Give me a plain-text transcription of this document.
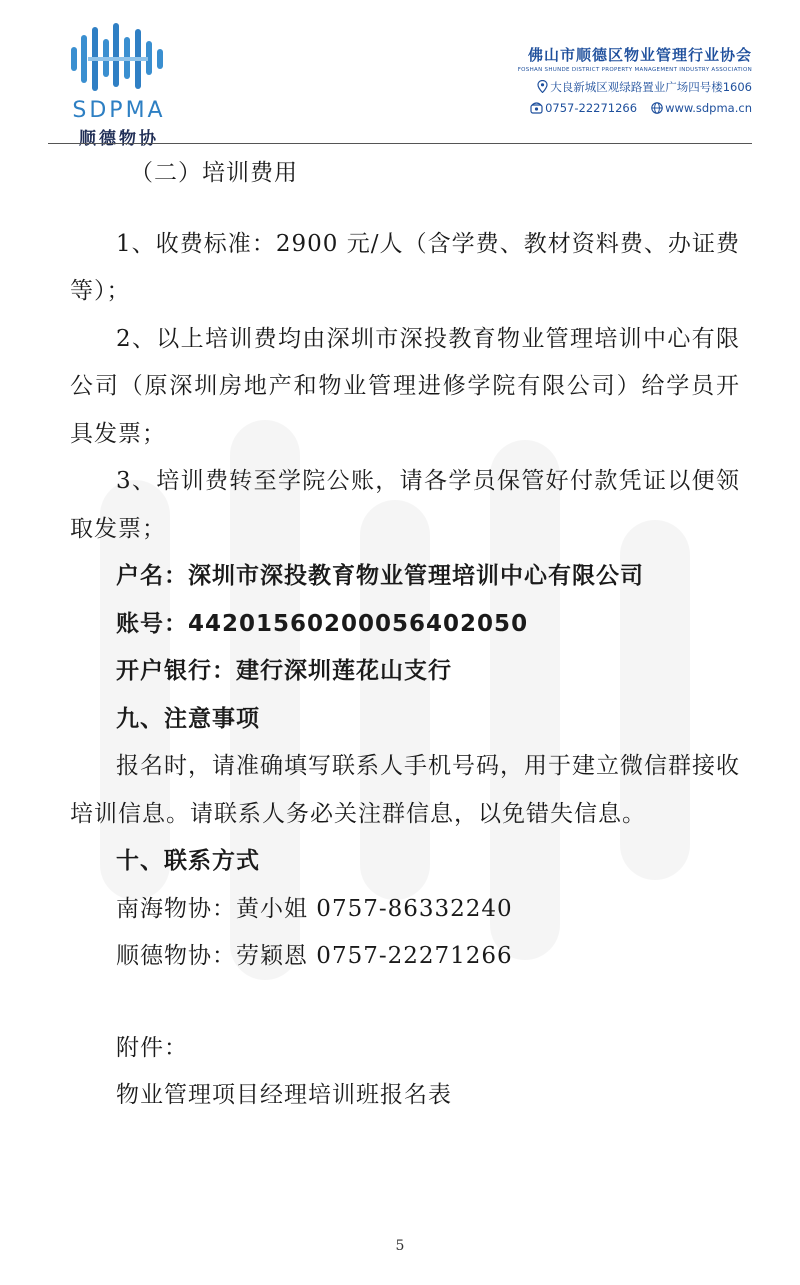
SDPMA
顺德物协
佛山市顺德区物业管理行业协会
FOSHAN SHUNDE DISTRICT PROPERTY MANAGEMENT INDUSTRY ASSOCIATION
大良新城区观绿路置业广场四号楼1606
0757-22271266 www.sdpma.cn

（二）培训费用

1、收费标准：2900 元/人（含学费、教材资料费、办证费等）；

2、以上培训费均由深圳市深投教育物业管理培训中心有限公司（原深圳房地产和物业管理进修学院有限公司）给学员开具发票；

3、培训费转至学院公账，请各学员保管好付款凭证以便领取发票；

户名：深圳市深投教育物业管理培训中心有限公司

账号：44201560200056402050

开户银行：建行深圳莲花山支行

九、注意事项

报名时，请准确填写联系人手机号码，用于建立微信群接收培训信息。请联系人务必关注群信息，以免错失信息。

十、联系方式

南海物协：黄小姐 0757-86332240

顺德物协：劳颖恩 0757-22271266

附件：

物业管理项目经理培训班报名表

5
